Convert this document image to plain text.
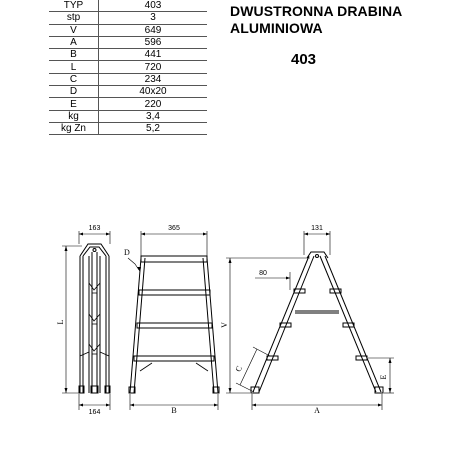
TYP	403
stp	3
V	649
A	596
B	441
L	720
C	234
D	40x20
E	220
kg	3,4
kg Zn	5,2
DWUSTRONNA DRABINA
ALUMINIOWA
403
163
L
164
365
D
B
131
V
80
C
E
A
